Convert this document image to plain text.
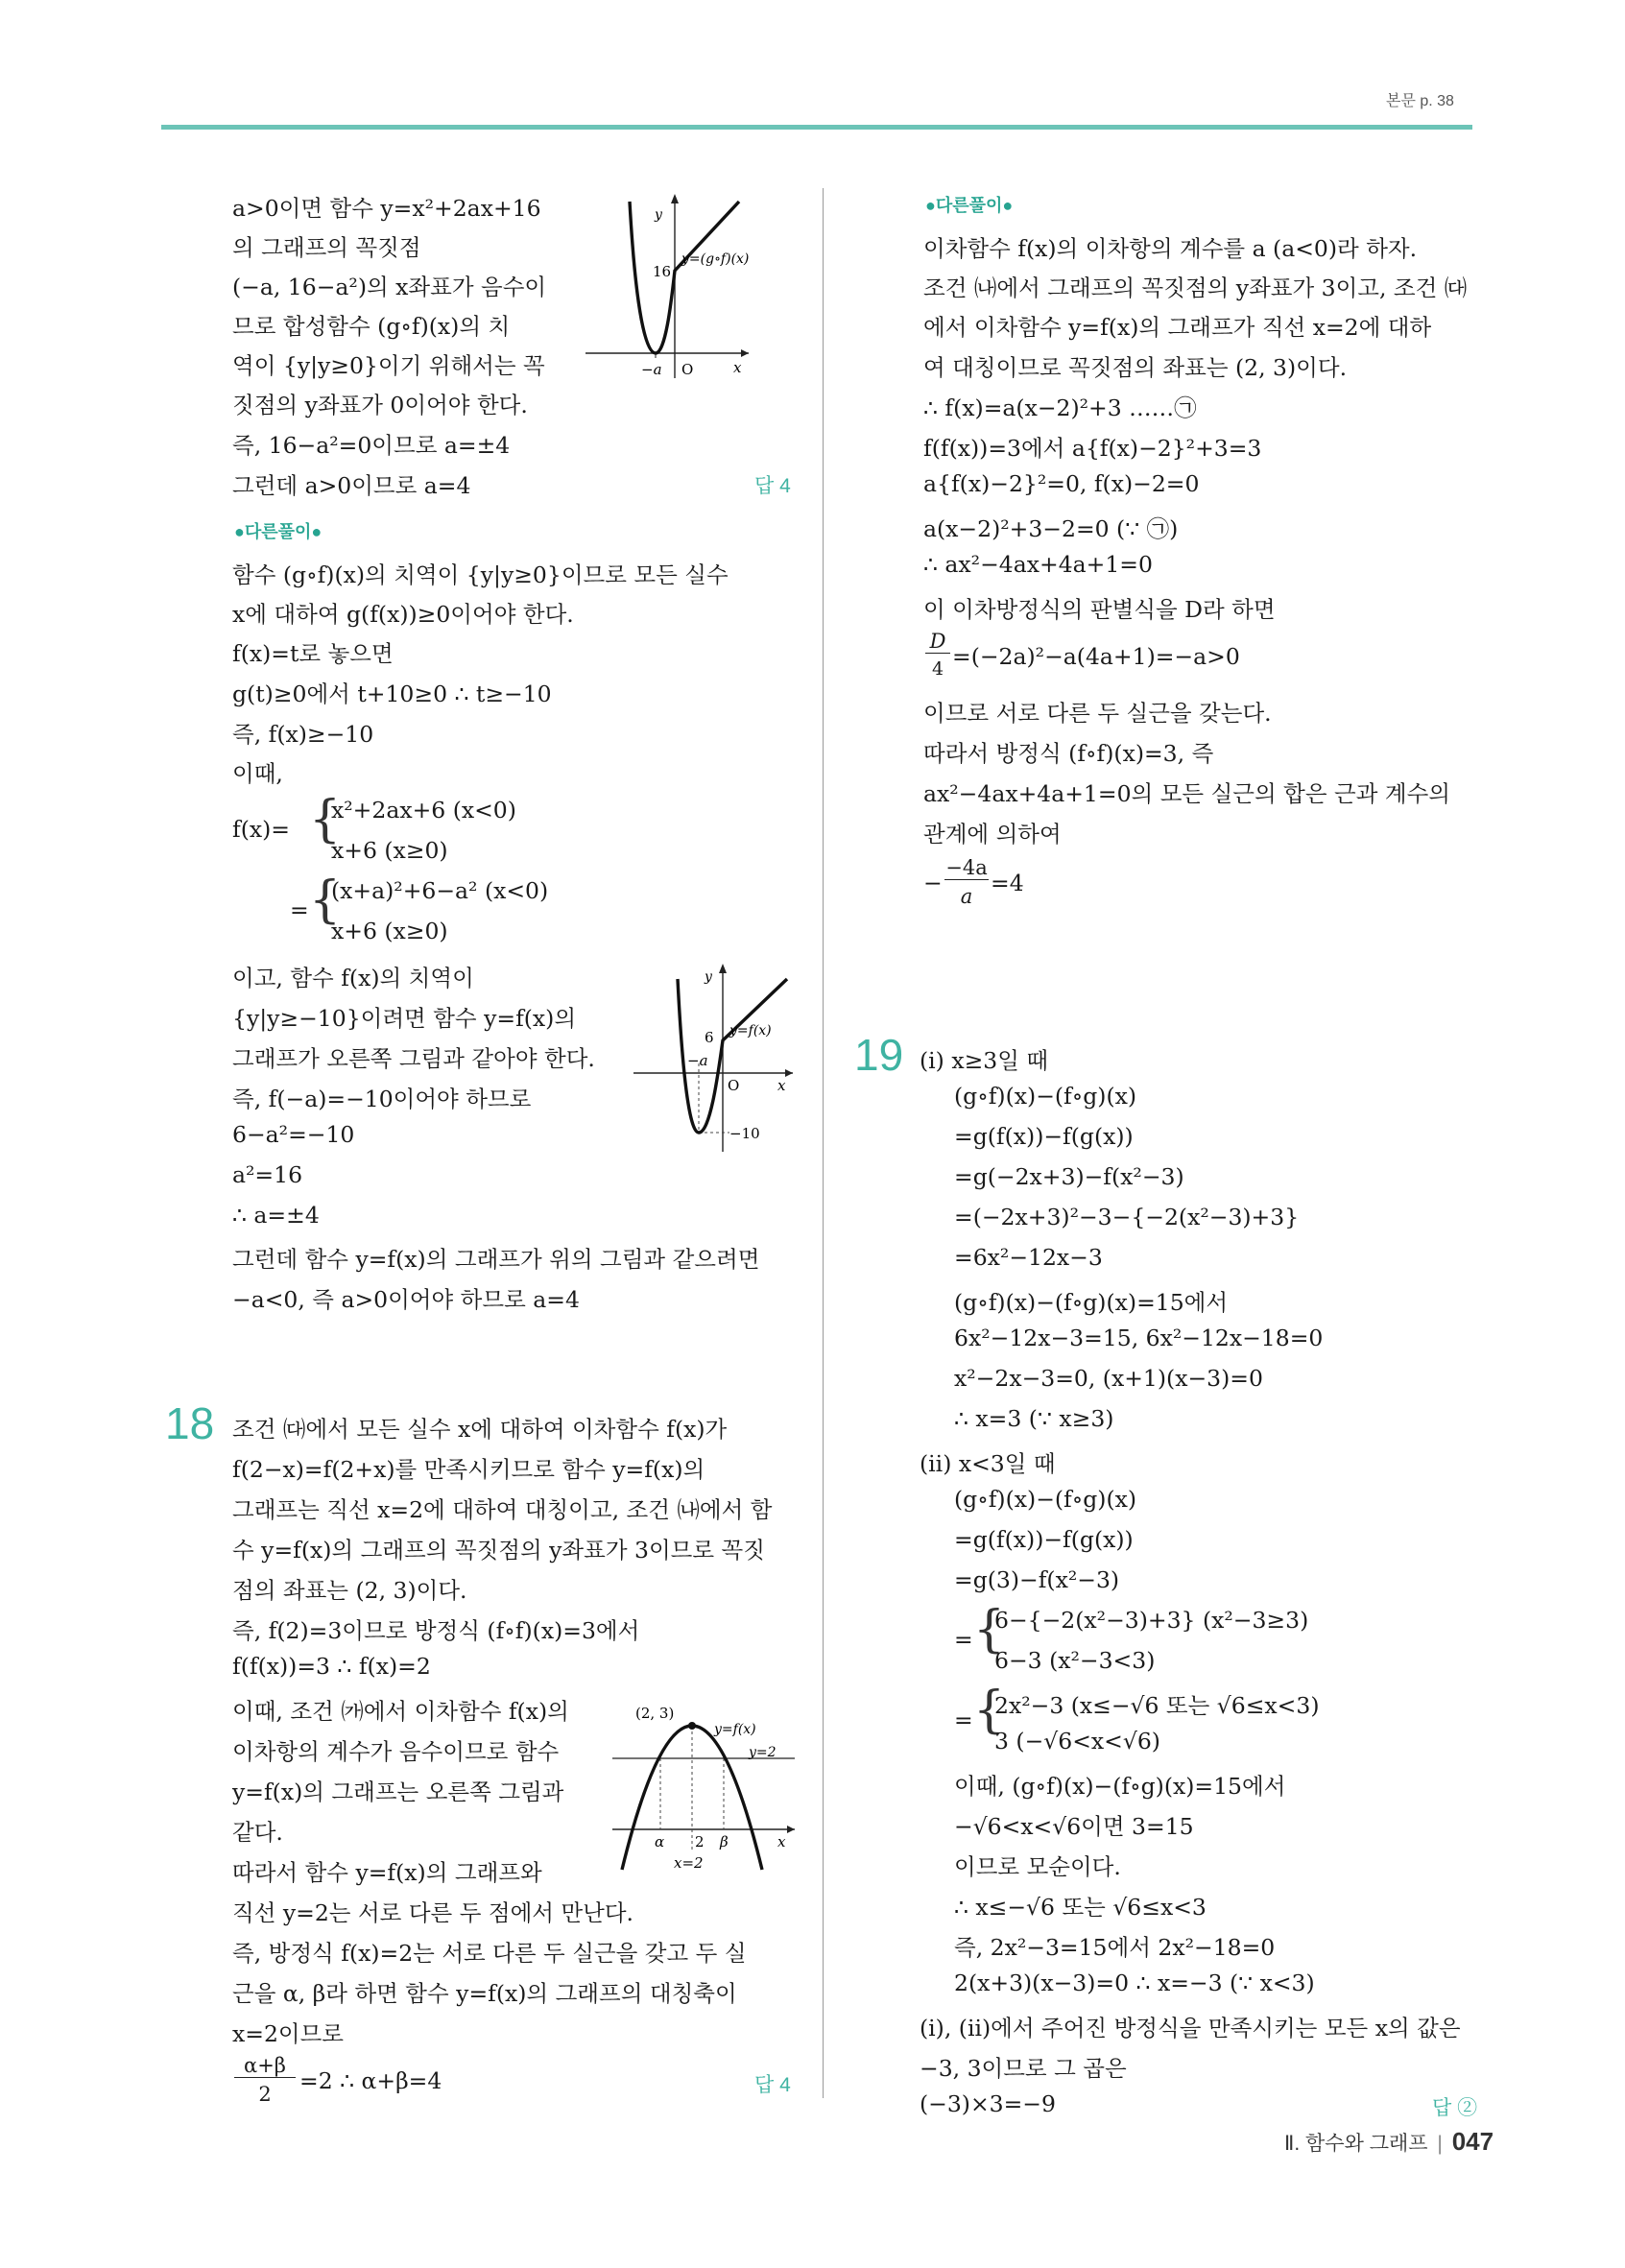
본문 p. 38
a>0이면 함수 y=x²+2ax+16
의 그래프의 꼭짓점
(−a, 16−a²)의 x좌표가 음수이
므로 합성함수 (g∘f)(x)의 치
역이 {y|y≥0}이기 위해서는 꼭
짓점의 y좌표가 0이어야 한다.
즉, 16−a²=0이므로 a=±4
그런데 a>0이므로 a=4	답 4
●다른풀이●
함수 (g∘f)(x)의 치역이 {y|y≥0}이므로 모든 실수
x에 대하여 g(f(x))≥0이어야 한다.
f(x)=t로 놓으면
g(t)≥0에서 t+10≥0 ∴ t≥−10
즉, f(x)≥−10
이때,
f(x)= {
x²+2ax+6 (x<0)
x+6 (x≥0)
= {
(x+a)²+6−a² (x<0)
x+6 (x≥0)
이고, 함수 f(x)의 치역이
{y|y≥−10}이려면 함수 y=f(x)의
그래프가 오른쪽 그림과 같아야 한다.
즉, f(−a)=−10이어야 하므로
6−a²=−10
a²=16
∴ a=±4
그런데 함수 y=f(x)의 그래프가 위의 그림과 같으려면
−a<0, 즉 a>0이어야 하므로 a=4
18 조건 ㈐에서 모든 실수 x에 대하여 이차함수 f(x)가
f(2−x)=f(2+x)를 만족시키므로 함수 y=f(x)의
그래프는 직선 x=2에 대하여 대칭이고, 조건 ㈏에서 함
수 y=f(x)의 그래프의 꼭짓점의 y좌표가 3이므로 꼭짓
점의 좌표는 (2, 3)이다.
즉, f(2)=3이므로 방정식 (f∘f)(x)=3에서
f(f(x))=3 ∴ f(x)=2
이때, 조건 ㈎에서 이차함수 f(x)의
이차항의 계수가 음수이므로 함수
y=f(x)의 그래프는 오른쪽 그림과
같다.
따라서 함수 y=f(x)의 그래프와
직선 y=2는 서로 다른 두 점에서 만난다.
즉, 방정식 f(x)=2는 서로 다른 두 실근을 갖고 두 실
근을 α, β라 하면 함수 y=f(x)의 그래프의 대칭축이
x=2이므로
α+β
2	=2 ∴ α+β=4	답 4
y
16
y=(g∘f)(x)
−a O	x
y
6 y=f(x)
−a
O	x
−10
(2, 3)
y=f(x)
y=2
α 2 β	x
x=2
●다른풀이●
이차함수 f(x)의 이차항의 계수를 a (a<0)라 하자.
조건 ㈏에서 그래프의 꼭짓점의 y좌표가 3이고, 조건 ㈐
에서 이차함수 y=f(x)의 그래프가 직선 x=2에 대하
여 대칭이므로 꼭짓점의 좌표는 (2, 3)이다.
∴ f(x)=a(x−2)²+3 ……㉠
f(f(x))=3에서 a{f(x)−2}²+3=3
a{f(x)−2}²=0, f(x)−2=0
a(x−2)²+3−2=0 (∵ ㉠)
∴ ax²−4ax+4a+1=0
이 이차방정식의 판별식을 D라 하면
D
4 =(−2a)²−a(4a+1)=−a>0
이므로 서로 다른 두 실근을 갖는다.
따라서 방정식 (f∘f)(x)=3, 즉
ax²−4ax+4a+1=0의 모든 실근의 합은 근과 계수의
관계에 의하여
−
−4a
a =4
19 (ⅰ) x≥3일 때
(g∘f)(x)−(f∘g)(x)
=g(f(x))−f(g(x))
=g(−2x+3)−f(x²−3)
=(−2x+3)²−3−{−2(x²−3)+3}
=6x²−12x−3
(g∘f)(x)−(f∘g)(x)=15에서
6x²−12x−3=15, 6x²−12x−18=0
x²−2x−3=0, (x+1)(x−3)=0
∴ x=3 (∵ x≥3)
(ⅱ) x<3일 때
(g∘f)(x)−(f∘g)(x)
=g(f(x))−f(g(x))
=g(3)−f(x²−3)
= {
6−{−2(x²−3)+3} (x²−3≥3)
6−3 (x²−3<3)
= {
2x²−3 (x≤−√6 또는 √6≤x<3)
3 (−√6<x<√6)
이때, (g∘f)(x)−(f∘g)(x)=15에서
−√6<x<√6이면 3=15
이므로 모순이다.
∴ x≤−√6 또는 √6≤x<3
즉, 2x²−3=15에서 2x²−18=0
2(x+3)(x−3)=0 ∴ x=−3 (∵ x<3)
(ⅰ), (ⅱ)에서 주어진 방정식을 만족시키는 모든 x의 값은
−3, 3이므로 그 곱은
(−3)×3=−9	답 ②
Ⅱ. 함수와 그래프 | 047
